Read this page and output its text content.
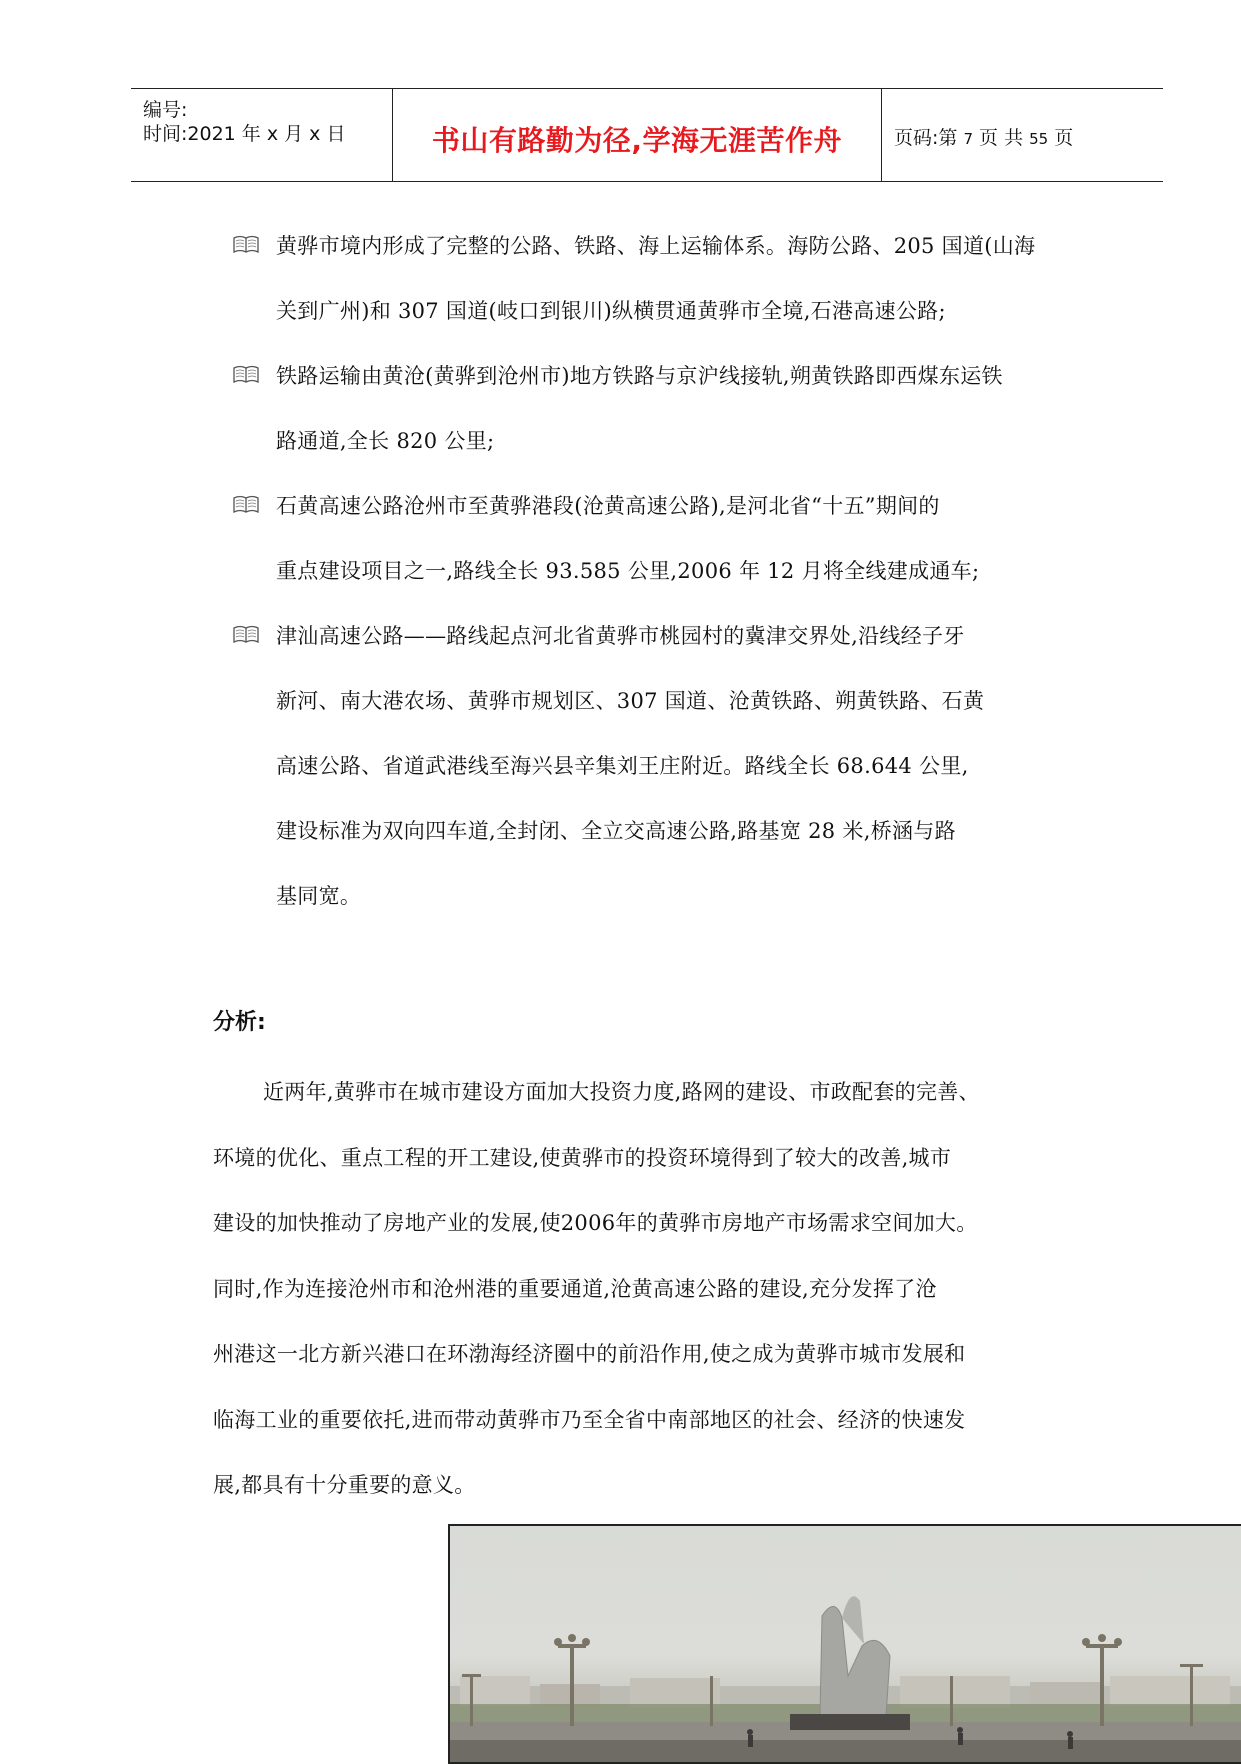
编号:
时间:2021 年 x 月 x 日	书山有路勤为径,学海无涯苦作舟	页码:第 7 页 共 55 页
黄骅市境内形成了完整的公路、铁路、海上运输体系。海防公路、205 国道(山海
关到广州)和 307 国道(岐口到银川)纵横贯通黄骅市全境,石港高速公路;
铁路运输由黄沧(黄骅到沧州市)地方铁路与京沪线接轨,朔黄铁路即西煤东运铁
路通道,全长 820 公里;
石黄高速公路沧州市至黄骅港段(沧黄高速公路),是河北省“十五”期间的
重点建设项目之一,路线全长 93.585 公里,2006 年 12 月将全线建成通车;
津汕高速公路——路线起点河北省黄骅市桃园村的冀津交界处,沿线经子牙
新河、南大港农场、黄骅市规划区、307 国道、沧黄铁路、朔黄铁路、石黄
高速公路、省道武港线至海兴县辛集刘王庄附近。路线全长 68.644 公里,
建设标准为双向四车道,全封闭、全立交高速公路,路基宽 28 米,桥涵与路
基同宽。
分析:
近两年,黄骅市在城市建设方面加大投资力度,路网的建设、市政配套的完善、
环境的优化、重点工程的开工建设,使黄骅市的投资环境得到了较大的改善,城市
建设的加快推动了房地产业的发展,使2006年的黄骅市房地产市场需求空间加大。
同时,作为连接沧州市和沧州港的重要通道,沧黄高速公路的建设,充分发挥了沧
州港这一北方新兴港口在环渤海经济圈中的前沿作用,使之成为黄骅市城市发展和
临海工业的重要依托,进而带动黄骅市乃至全省中南部地区的社会、经济的快速发
展,都具有十分重要的意义。
